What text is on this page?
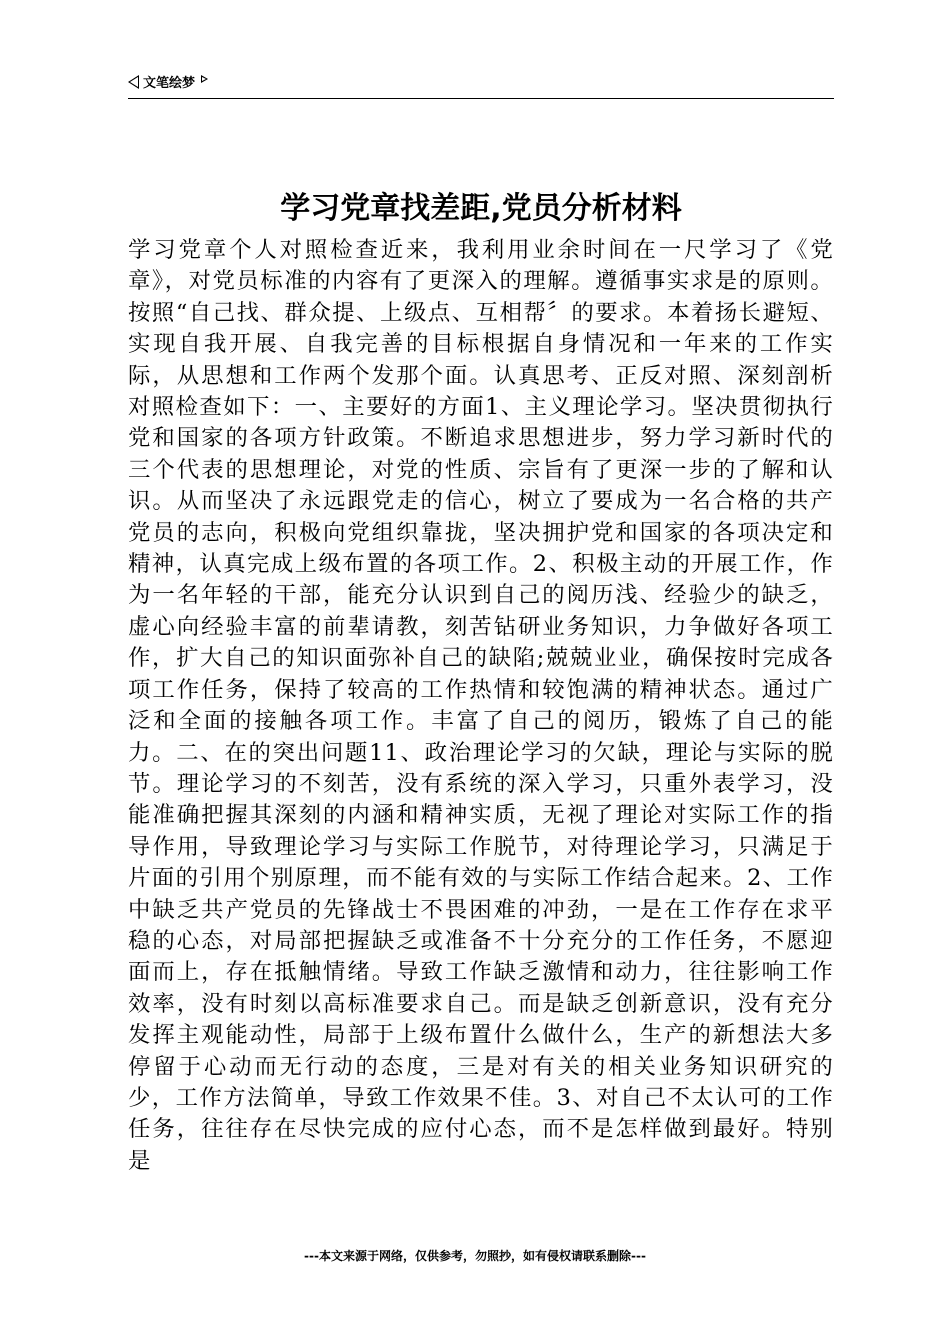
文笔绘梦
学习党章找差距,党员分析材料

学习党章个人对照检查近来，我利用业余时间在一尺学习了《党章》，对党员标准的内容有了更深入的理解。遵循事实求是的原则。按照“自己找、群众提、上级点、互相帮〞的要求。本着扬长避短、实现自我开展、自我完善的目标根据自身情况和一年来的工作实际，从思想和工作两个发那个面。认真思考、正反对照、深刻剖析对照检查如下：一、主要好的方面1、主义理论学习。坚决贯彻执行党和国家的各项方针政策。不断追求思想进步，努力学习新时代的三个代表的思想理论，对党的性质、宗旨有了更深一步的了解和认识。从而坚决了永远跟党走的信心，树立了要成为一名合格的共产党员的志向，积极向党组织靠拢，坚决拥护党和国家的各项决定和精神，认真完成上级布置的各项工作。2、积极主动的开展工作，作为一名年轻的干部，能充分认识到自己的阅历浅、经验少的缺乏，虚心向经验丰富的前辈请教，刻苦钻研业务知识，力争做好各项工作，扩大自己的知识面弥补自己的缺陷;兢兢业业，确保按时完成各项工作任务，保持了较高的工作热情和较饱满的精神状态。通过广泛和全面的接触各项工作。丰富了自己的阅历，锻炼了自己的能力。二、在的突出问题11、政治理论学习的欠缺，理论与实际的脱节。理论学习的不刻苦，没有系统的深入学习，只重外表学习，没能准确把握其深刻的内涵和精神实质，无视了理论对实际工作的指导作用，导致理论学习与实际工作脱节，对待理论学习，只满足于片面的引用个别原理，而不能有效的与实际工作结合起来。2、工作中缺乏共产党员的先锋战士不畏困难的冲劲，一是在工作存在求平稳的心态，对局部把握缺乏或准备不十分充分的工作任务，不愿迎面而上，存在抵触情绪。导致工作缺乏激情和动力，往往影响工作效率，没有时刻以高标准要求自己。而是缺乏创新意识，没有充分发挥主观能动性，局部于上级布置什么做什么，生产的新想法大多停留于心动而无行动的态度，三是对有关的相关业务知识研究的少，工作方法简单，导致工作效果不佳。3、对自己不太认可的工作任务，往往存在尽快完成的应付心态，而不是怎样做到最好。特别是

---本文来源于网络，仅供参考，勿照抄，如有侵权请联系删除---
